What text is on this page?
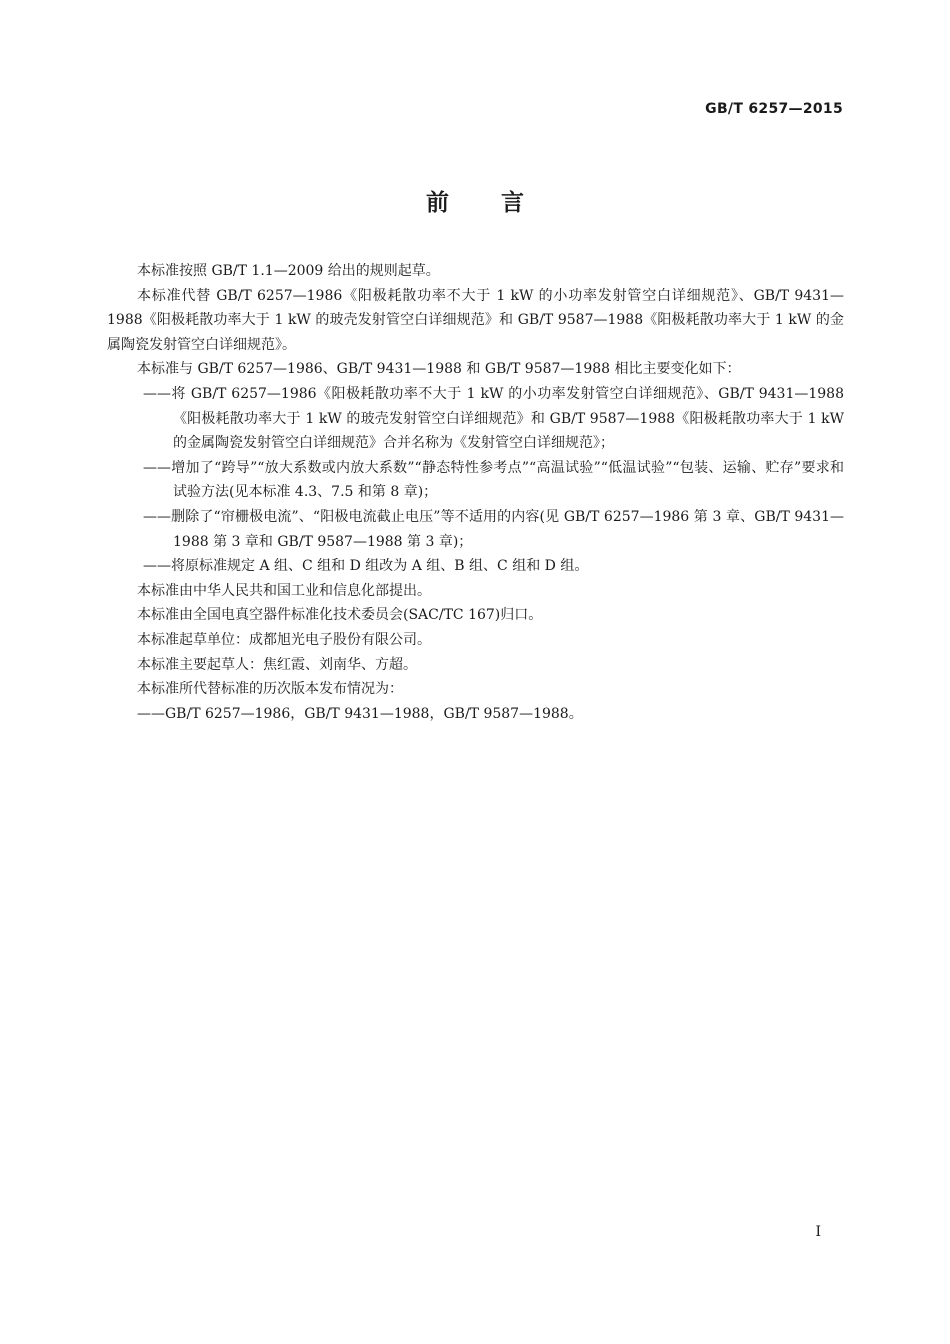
GB/T 6257—2015
前言

本标准按照 GB/T 1.1—2009 给出的规则起草。

本标准代替 GB/T 6257—1986《阳极耗散功率不大于 1 kW 的小功率发射管空白详细规范》、GB/T 9431—1988《阳极耗散功率大于 1 kW 的玻壳发射管空白详细规范》和 GB/T 9587—1988《阳极耗散功率大于 1 kW 的金属陶瓷发射管空白详细规范》。

本标准与 GB/T 6257—1986、GB/T 9431—1988 和 GB/T 9587—1988 相比主要变化如下：

——将 GB/T 6257—1986《阳极耗散功率不大于 1 kW 的小功率发射管空白详细规范》、GB/T 9431—1988《阳极耗散功率大于 1 kW 的玻壳发射管空白详细规范》和 GB/T 9587—1988《阳极耗散功率大于 1 kW 的金属陶瓷发射管空白详细规范》合并名称为《发射管空白详细规范》；

——增加了“跨导”“放大系数或内放大系数”“静态特性参考点”“高温试验”“低温试验”“包装、运输、贮存”要求和试验方法(见本标准 4.3、7.5 和第 8 章)；

——删除了“帘栅极电流”、“阳极电流截止电压”等不适用的内容(见 GB/T 6257—1986 第 3 章、GB/T 9431—1988 第 3 章和 GB/T 9587—1988 第 3 章)；

——将原标准规定 A 组、C 组和 D 组改为 A 组、B 组、C 组和 D 组。

本标准由中华人民共和国工业和信息化部提出。

本标准由全国电真空器件标准化技术委员会(SAC/TC 167)归口。

本标准起草单位：成都旭光电子股份有限公司。

本标准主要起草人：焦红霞、刘南华、方超。

本标准所代替标准的历次版本发布情况为：

——GB/T 6257—1986，GB/T 9431—1988，GB/T 9587—1988。

I
